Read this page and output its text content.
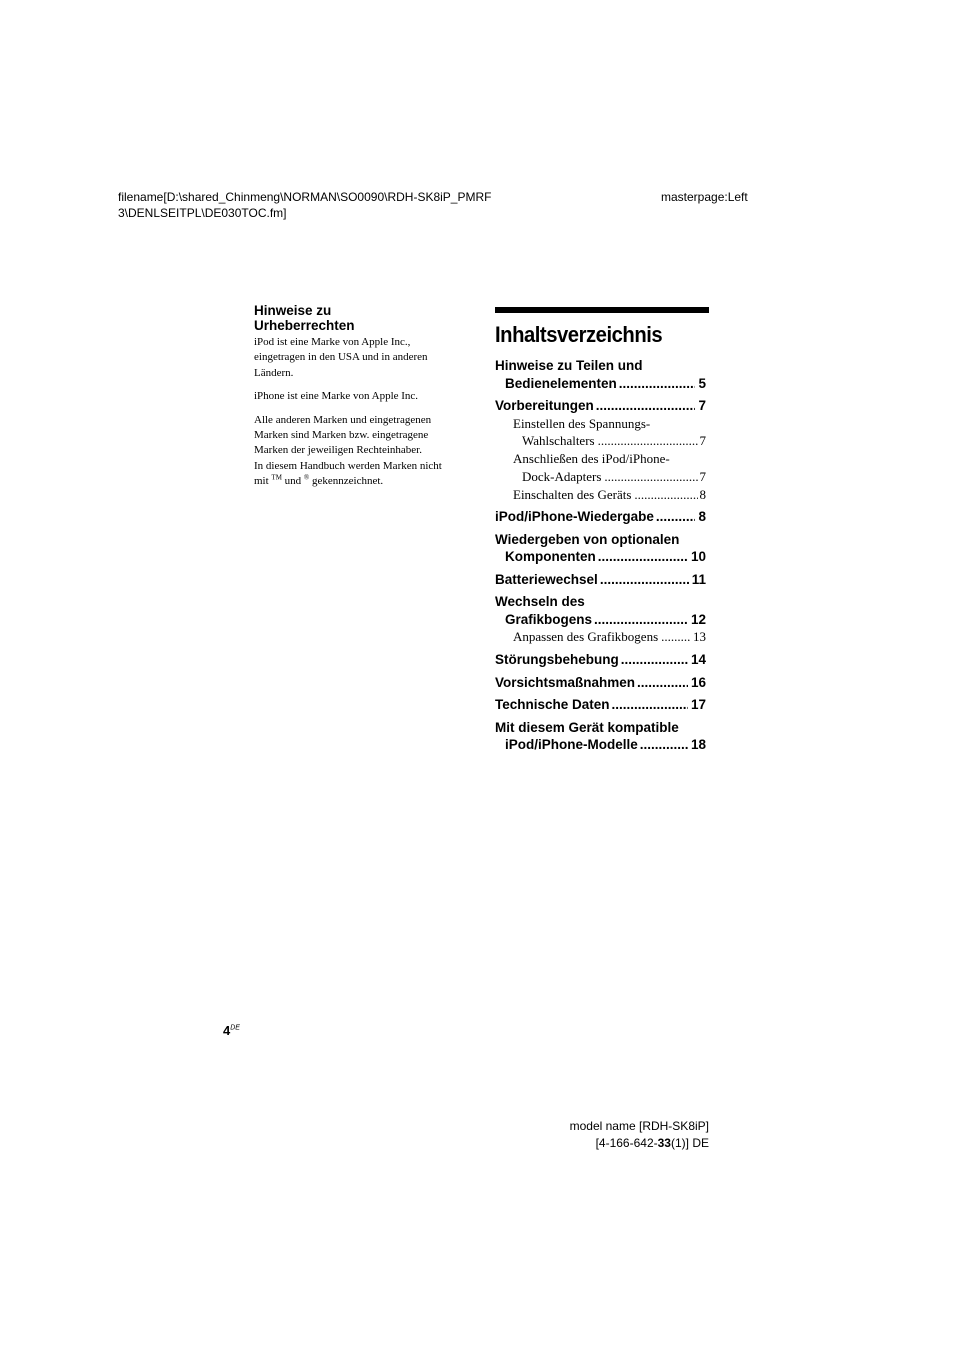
filename[D:\shared_Chinmeng\NORMAN\SO0090\RDH-SK8iP_PMRF
3\DENLSEITPL\DE030TOC.fm]
masterpage:Left
Hinweise zu
Urheberrechten
iPod ist eine Marke von Apple Inc.,
eingetragen in den USA und in anderen
Ländern.
iPhone ist eine Marke von Apple Inc.
Alle anderen Marken und eingetragenen
Marken sind Marken bzw. eingetragene
Marken der jeweiligen Rechteinhaber.
In diesem Handbuch werden Marken nicht
mit ™ und ® gekennzeichnet.
Inhaltsverzeichnis
Hinweise zu Teilen und
Bedienelementen .....	5
Vorbereitungen .....	7
Einstellen des Spannungs-
Wahlschalters .....	7
Anschließen des iPod/iPhone-
Dock-Adapters .....	7
Einschalten des Geräts .....	8
iPod/iPhone-Wiedergabe .....	8
Wiedergeben von optionalen
Komponenten .....	10
Batteriewechsel .....	11
Wechseln des
Grafikbogens .....	12
Anpassen des Grafikbogens .....	13
Störungsbehebung .....	14
Vorsichtsmaßnahmen .....	16
Technische Daten .....	17
Mit diesem Gerät kompatible
iPod/iPhone-Modelle .....	18
4DE
model name [RDH-SK8iP]
[4-166-642-33(1)] DE
